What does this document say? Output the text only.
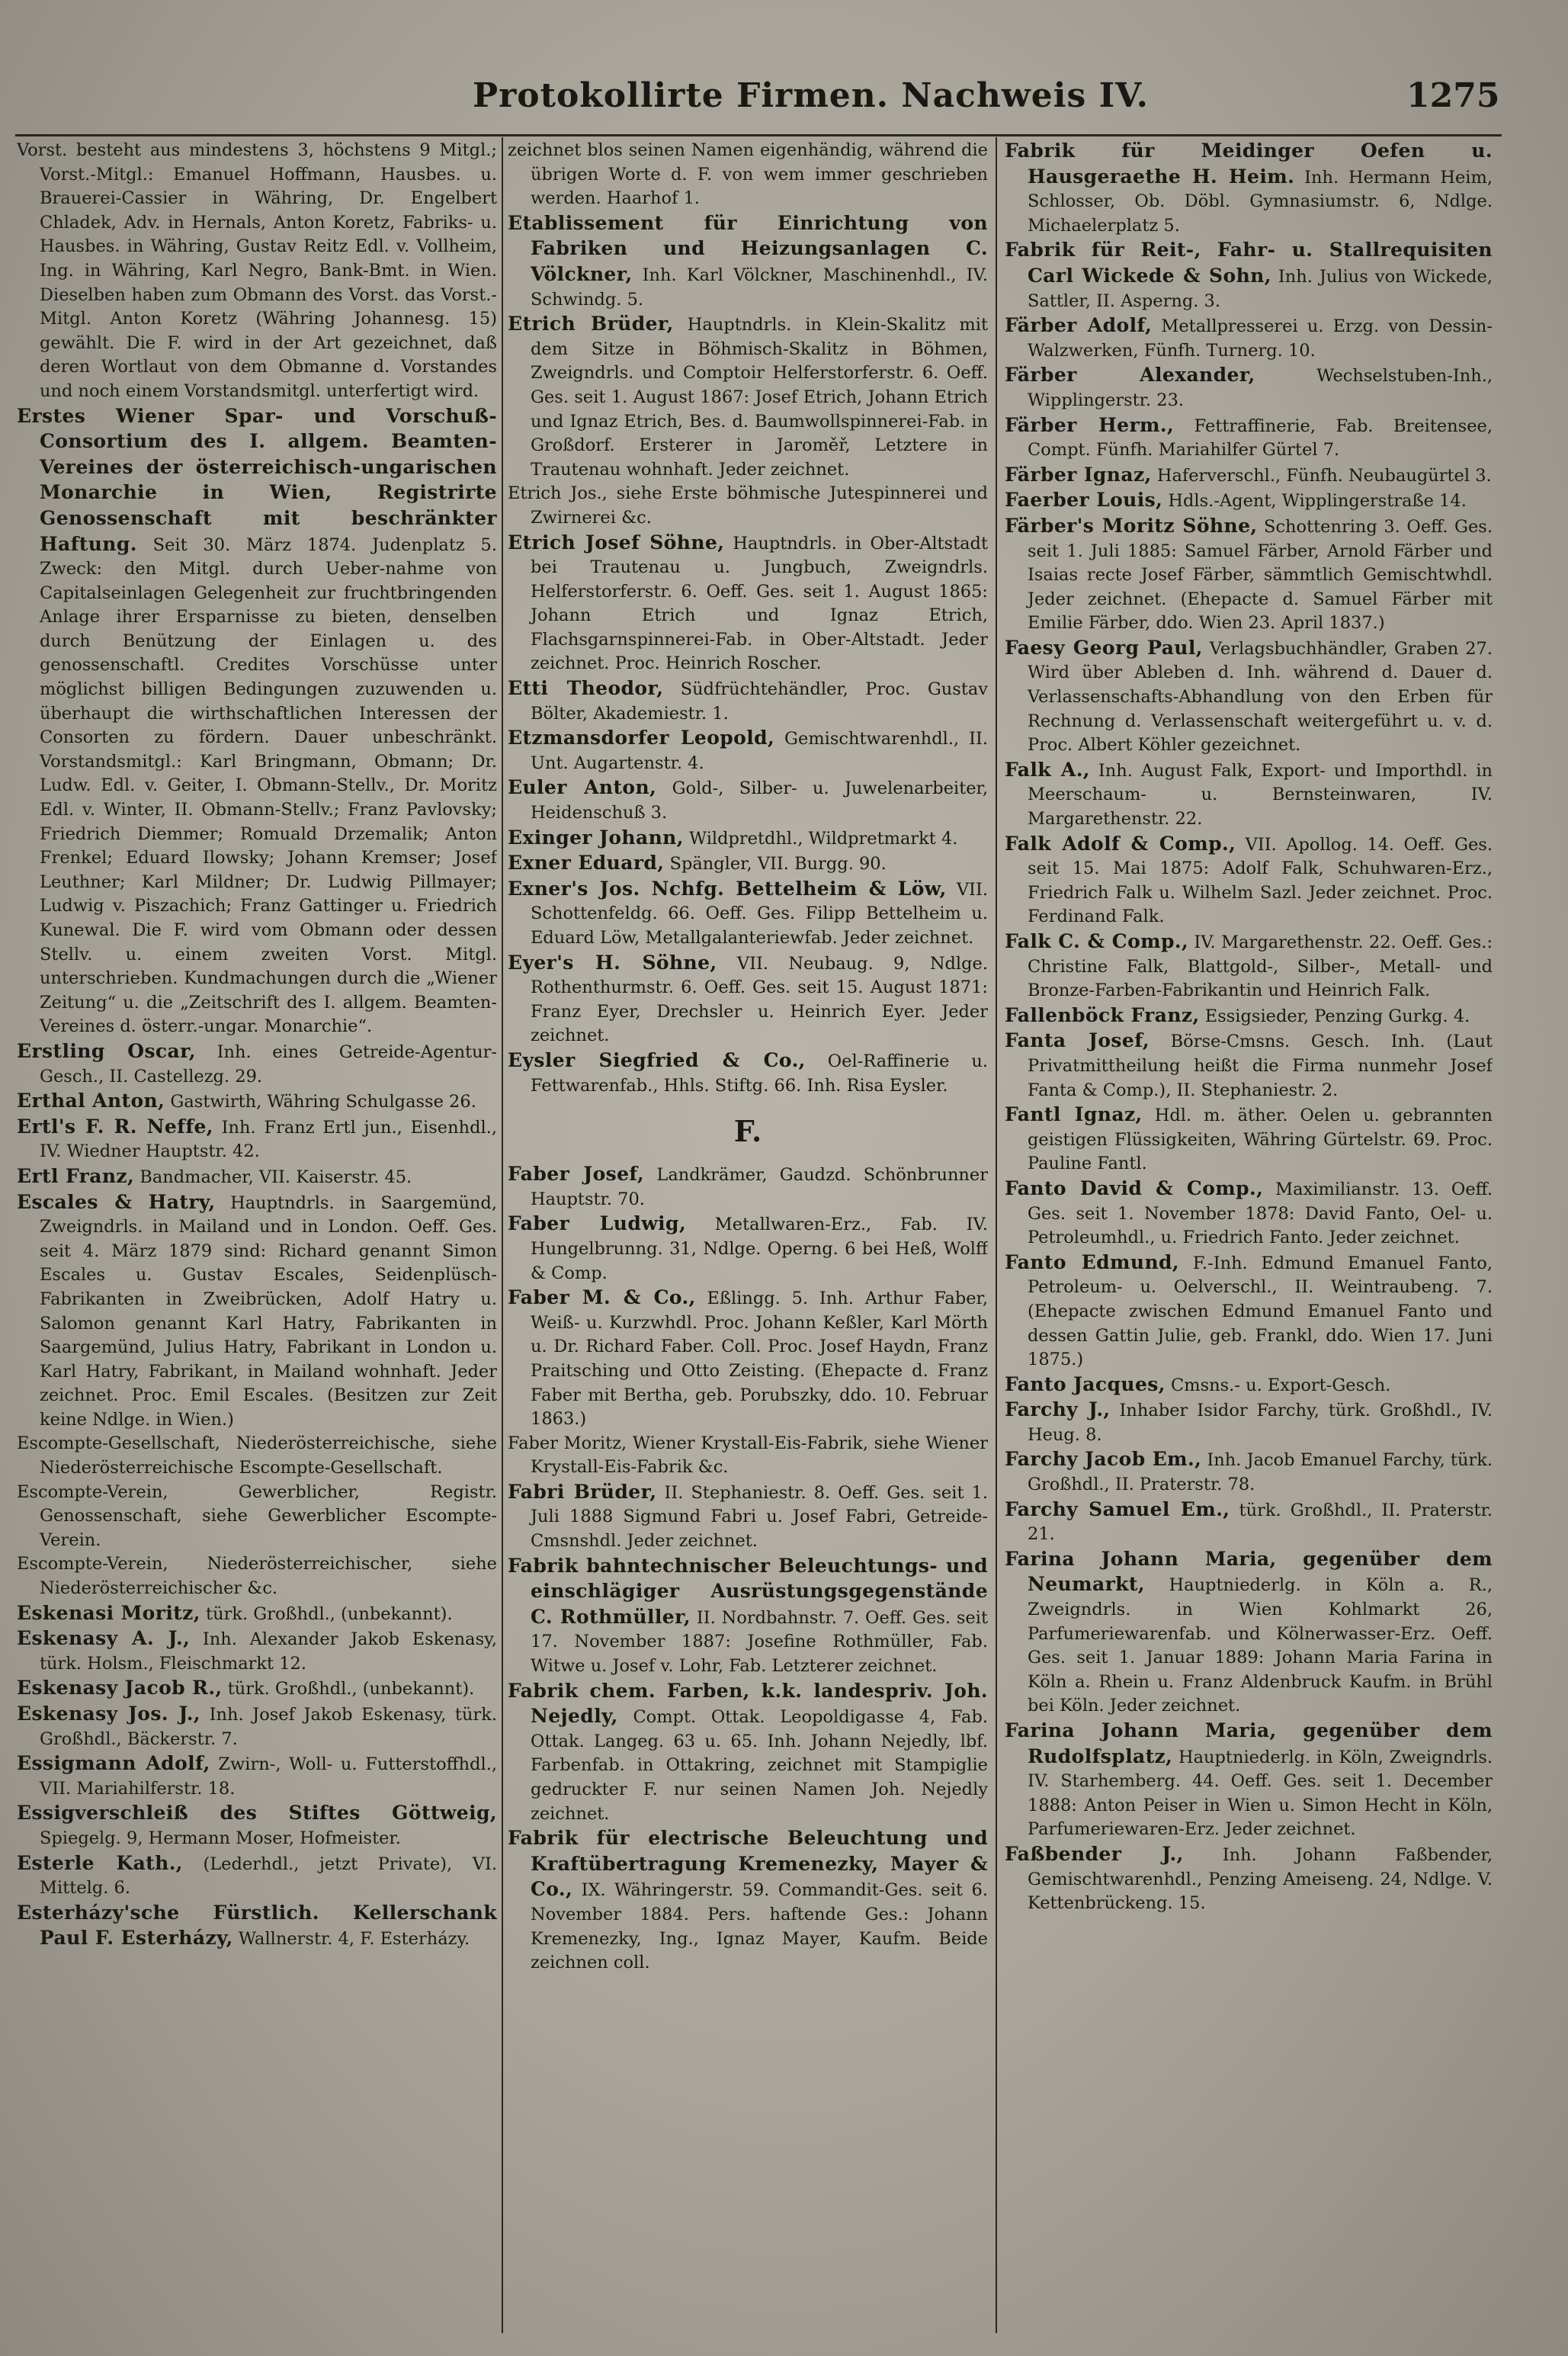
Protokollirte Firmen. Nachweis IV.	1275

Vorst. besteht aus mindestens 3, höchstens 9 Mitgl.; Vorst.-Mitgl.: Emanuel Hoffmann, Hausbes. u. Brauerei-Cassier in Währing, Dr. Engelbert Chladek, Adv. in Hernals, Anton Koretz, Fabriks- u. Hausbes. in Währing, Gustav Reitz Edl. v. Vollheim, Ing. in Währing, Karl Negro, Bank-Bmt. in Wien. Dieselben haben zum Obmann des Vorst. das Vorst.-Mitgl. Anton Koretz (Währing Johannesg. 15) gewählt. Die F. wird in der Art gezeichnet, daß deren Wortlaut von dem Obmanne d. Vorstandes und noch einem Vorstandsmitgl. unterfertigt wird.

Erstes Wiener Spar- und Vorschuß-Consortium des I. allgem. Beamten-Vereines der österreichisch-ungarischen Monarchie in Wien, Registrirte Genossenschaft mit beschränkter Haftung. Seit 30. März 1874. Judenplatz 5. Zweck: den Mitgl. durch Ueber-nahme von Capitalseinlagen Gelegenheit zur fruchtbringenden Anlage ihrer Ersparnisse zu bieten, denselben durch Benützung der Einlagen u. des genossenschaftl. Credites Vorschüsse unter möglichst billigen Bedingungen zuzuwenden u. überhaupt die wirthschaftlichen Interessen der Consorten zu fördern. Dauer unbeschränkt. Vorstandsmitgl.: Karl Bringmann, Obmann; Dr. Ludw. Edl. v. Geiter, I. Obmann-Stellv., Dr. Moritz Edl. v. Winter, II. Obmann-Stellv.; Franz Pavlovsky; Friedrich Diemmer; Romuald Drzemalik; Anton Frenkel; Eduard Ilowsky; Johann Kremser; Josef Leuthner; Karl Mildner; Dr. Ludwig Pillmayer; Ludwig v. Piszachich; Franz Gattinger u. Friedrich Kunewal. Die F. wird vom Obmann oder dessen Stellv. u. einem zweiten Vorst. Mitgl. unterschrieben. Kundmachungen durch die „Wiener Zeitung“ u. die „Zeitschrift des I. allgem. Beamten-Vereines d. österr.-ungar. Monarchie“.

Erstling Oscar, Inh. eines Getreide-Agentur-Gesch., II. Castellezg. 29.

Erthal Anton, Gastwirth, Währing Schulgasse 26.

Ertl's F. R. Neffe, Inh. Franz Ertl jun., Eisenhdl., IV. Wiedner Hauptstr. 42.

Ertl Franz, Bandmacher, VII. Kaiserstr. 45.

Escales & Hatry, Hauptndrls. in Saargemünd, Zweigndrls. in Mailand und in London. Oeff. Ges. seit 4. März 1879 sind: Richard genannt Simon Escales u. Gustav Escales, Seidenplüsch-Fabrikanten in Zweibrücken, Adolf Hatry u. Salomon genannt Karl Hatry, Fabrikanten in Saargemünd, Julius Hatry, Fabrikant in London u. Karl Hatry, Fabrikant, in Mailand wohnhaft. Jeder zeichnet. Proc. Emil Escales. (Besitzen zur Zeit keine Ndlge. in Wien.)

Escompte-Gesellschaft, Niederösterreichische, siehe Niederösterreichische Escompte-Gesellschaft.

Escompte-Verein, Gewerblicher, Registr. Genossenschaft, siehe Gewerblicher Escompte-Verein.

Escompte-Verein, Niederösterreichischer, siehe Niederösterreichischer &c.

Eskenasi Moritz, türk. Großhdl., (unbekannt).

Eskenasy A. J., Inh. Alexander Jakob Eskenasy, türk. Holsm., Fleischmarkt 12.

Eskenasy Jacob R., türk. Großhdl., (unbekannt).

Eskenasy Jos. J., Inh. Josef Jakob Eskenasy, türk. Großhdl., Bäckerstr. 7.

Essigmann Adolf, Zwirn-, Woll- u. Futterstoffhdl., VII. Mariahilferstr. 18.

Essigverschleiß des Stiftes Göttweig, Spiegelg. 9, Hermann Moser, Hofmeister.

Esterle Kath., (Lederhdl., jetzt Private), VI. Mittelg. 6.

Esterházy'sche Fürstlich. Kellerschank Paul F. Esterházy, Wallnerstr. 4, F. Esterházy.

zeichnet blos seinen Namen eigenhändig, während die übrigen Worte d. F. von wem immer geschrieben werden. Haarhof 1.

Etablissement für Einrichtung von Fabriken und Heizungsanlagen C. Völckner, Inh. Karl Völckner, Maschinenhdl., IV. Schwindg. 5.

Etrich Brüder, Hauptndrls. in Klein-Skalitz mit dem Sitze in Böhmisch-Skalitz in Böhmen, Zweigndrls. und Comptoir Helferstorferstr. 6. Oeff. Ges. seit 1. August 1867: Josef Etrich, Johann Etrich und Ignaz Etrich, Bes. d. Baumwollspinnerei-Fab. in Großdorf. Ersterer in Jaroměř, Letztere in Trautenau wohnhaft. Jeder zeichnet.

Etrich Jos., siehe Erste böhmische Jutespinnerei und Zwirnerei &c.

Etrich Josef Söhne, Hauptndrls. in Ober-Altstadt bei Trautenau u. Jungbuch, Zweigndrls. Helferstorferstr. 6. Oeff. Ges. seit 1. August 1865: Johann Etrich und Ignaz Etrich, Flachsgarnspinnerei-Fab. in Ober-Altstadt. Jeder zeichnet. Proc. Heinrich Roscher.

Etti Theodor, Südfrüchtehändler, Proc. Gustav Bölter, Akademiestr. 1.

Etzmansdorfer Leopold, Gemischtwarenhdl., II. Unt. Augartenstr. 4.

Euler Anton, Gold-, Silber- u. Juwelenarbeiter, Heidenschuß 3.

Exinger Johann, Wildpretdhl., Wildpretmarkt 4.

Exner Eduard, Spängler, VII. Burgg. 90.

Exner's Jos. Nchfg. Bettelheim & Löw, VII. Schottenfeldg. 66. Oeff. Ges. Filipp Bettelheim u. Eduard Löw, Metallgalanteriewfab. Jeder zeichnet.

Eyer's H. Söhne, VII. Neubaug. 9, Ndlge. Rothenthurmstr. 6. Oeff. Ges. seit 15. August 1871: Franz Eyer, Drechsler u. Heinrich Eyer. Jeder zeichnet.

Eysler Siegfried & Co., Oel-Raffinerie u. Fettwarenfab., Hhls. Stiftg. 66. Inh. Risa Eysler.

F.

Faber Josef, Landkrämer, Gaudzd. Schönbrunner Hauptstr. 70.

Faber Ludwig, Metallwaren-Erz., Fab. IV. Hungelbrunng. 31, Ndlge. Operng. 6 bei Heß, Wolff & Comp.

Faber M. & Co., Eßlingg. 5. Inh. Arthur Faber, Weiß- u. Kurzwhdl. Proc. Johann Keßler, Karl Mörth u. Dr. Richard Faber. Coll. Proc. Josef Haydn, Franz Praitsching und Otto Zeisting. (Ehepacte d. Franz Faber mit Bertha, geb. Porubszky, ddo. 10. Februar 1863.)

Faber Moritz, Wiener Krystall-Eis-Fabrik, siehe Wiener Krystall-Eis-Fabrik &c.

Fabri Brüder, II. Stephaniestr. 8. Oeff. Ges. seit 1. Juli 1888 Sigmund Fabri u. Josef Fabri, Getreide-Cmsnshdl. Jeder zeichnet.

Fabrik bahntechnischer Beleuchtungs- und einschlägiger Ausrüstungsgegenstände C. Rothmüller, II. Nordbahnstr. 7. Oeff. Ges. seit 17. November 1887: Josefine Rothmüller, Fab. Witwe u. Josef v. Lohr, Fab. Letzterer zeichnet.

Fabrik chem. Farben, k.k. landespriv. Joh. Nejedly, Compt. Ottak. Leopoldigasse 4, Fab. Ottak. Langeg. 63 u. 65. Inh. Johann Nejedly, lbf. Farbenfab. in Ottakring, zeichnet mit Stampiglie gedruckter F. nur seinen Namen Joh. Nejedly zeichnet.

Fabrik für electrische Beleuchtung und Kraftübertragung Kremenezky, Mayer & Co., IX. Währingerstr. 59. Commandit-Ges. seit 6. November 1884. Pers. haftende Ges.: Johann Kremenezky, Ing., Ignaz Mayer, Kaufm. Beide zeichnen coll.

Fabrik für Meidinger Oefen u. Hausgeraethe H. Heim. Inh. Hermann Heim, Schlosser, Ob. Döbl. Gymnasiumstr. 6, Ndlge. Michaelerplatz 5.

Fabrik für Reit-, Fahr- u. Stallrequisiten Carl Wickede & Sohn, Inh. Julius von Wickede, Sattler, II. Asperng. 3.

Färber Adolf, Metallpresserei u. Erzg. von Dessin-Walzwerken, Fünfh. Turnerg. 10.

Färber Alexander,	Wechselstuben-Inh., Wipplingerstr. 23.

Färber Herm., Fettraffinerie, Fab. Breitensee, Compt. Fünfh. Mariahilfer Gürtel 7.

Färber Ignaz, Haferverschl., Fünfh. Neubaugürtel 3.

Faerber Louis, Hdls.-Agent, Wipplingerstraße 14.

Färber's Moritz Söhne, Schottenring 3. Oeff. Ges. seit 1. Juli 1885: Samuel Färber, Arnold Färber und Isaias recte Josef Färber, sämmtlich Gemischtwhdl. Jeder zeichnet. (Ehepacte d. Samuel Färber mit Emilie Färber, ddo. Wien 23. April 1837.)

Faesy Georg Paul, Verlagsbuchhändler, Graben 27. Wird über Ableben d. Inh. während d. Dauer d. Verlassenschafts-Abhandlung von den Erben für Rechnung d. Verlassenschaft weitergeführt u. v. d. Proc. Albert Köhler gezeichnet.

Falk A., Inh. August Falk, Export- und Importhdl. in Meerschaum- u. Bernsteinwaren, IV. Margarethenstr. 22.

Falk Adolf & Comp., VII. Apollog. 14. Oeff. Ges. seit 15. Mai 1875: Adolf Falk, Schuhwaren-Erz., Friedrich Falk u. Wilhelm Sazl. Jeder zeichnet. Proc. Ferdinand Falk.

Falk C. & Comp., IV. Margarethenstr. 22. Oeff. Ges.: Christine Falk, Blattgold-, Silber-, Metall- und Bronze-Farben-Fabrikantin und Heinrich Falk.

Fallenböck Franz, Essigsieder, Penzing Gurkg. 4.

Fanta Josef, Börse-Cmsns. Gesch. Inh. (Laut Privatmittheilung heißt die Firma nunmehr Josef Fanta & Comp.), II. Stephaniestr. 2.

Fantl Ignaz, Hdl. m. äther. Oelen u. gebrannten geistigen Flüssigkeiten, Währing Gürtelstr. 69. Proc. Pauline Fantl.

Fanto David & Comp., Maximilianstr. 13. Oeff. Ges. seit 1. November 1878: David Fanto, Oel- u. Petroleumhdl., u. Friedrich Fanto. Jeder zeichnet.

Fanto Edmund, F.-Inh. Edmund Emanuel Fanto, Petroleum- u. Oelverschl., II. Weintraubeng. 7. (Ehepacte zwischen Edmund Emanuel Fanto und dessen Gattin Julie, geb. Frankl, ddo. Wien 17. Juni 1875.)

Fanto Jacques, Cmsns.- u. Export-Gesch.

Farchy J., Inhaber Isidor Farchy, türk. Großhdl., IV. Heug. 8.

Farchy Jacob Em., Inh. Jacob Emanuel Farchy, türk. Großhdl., II. Praterstr. 78.

Farchy Samuel Em., türk. Großhdl., II. Praterstr. 21.

Farina Johann Maria, gegenüber dem Neumarkt, Hauptniederlg. in Köln a. R., Zweigndrls. in Wien Kohlmarkt 26, Parfumeriewarenfab. und Kölnerwasser-Erz. Oeff. Ges. seit 1. Januar 1889: Johann Maria Farina in Köln a. Rhein u. Franz Aldenbruck Kaufm. in Brühl bei Köln. Jeder zeichnet.

Farina Johann Maria, gegenüber dem Rudolfsplatz, Hauptniederlg. in Köln, Zweigndrls. IV. Starhemberg. 44. Oeff. Ges. seit 1. December 1888: Anton Peiser in Wien u. Simon Hecht in Köln, Parfumeriewaren-Erz. Jeder zeichnet.

Faßbender J., Inh. Johann Faßbender, Gemischtwarenhdl., Penzing Ameiseng. 24, Ndlge. V. Kettenbrückeng. 15.
